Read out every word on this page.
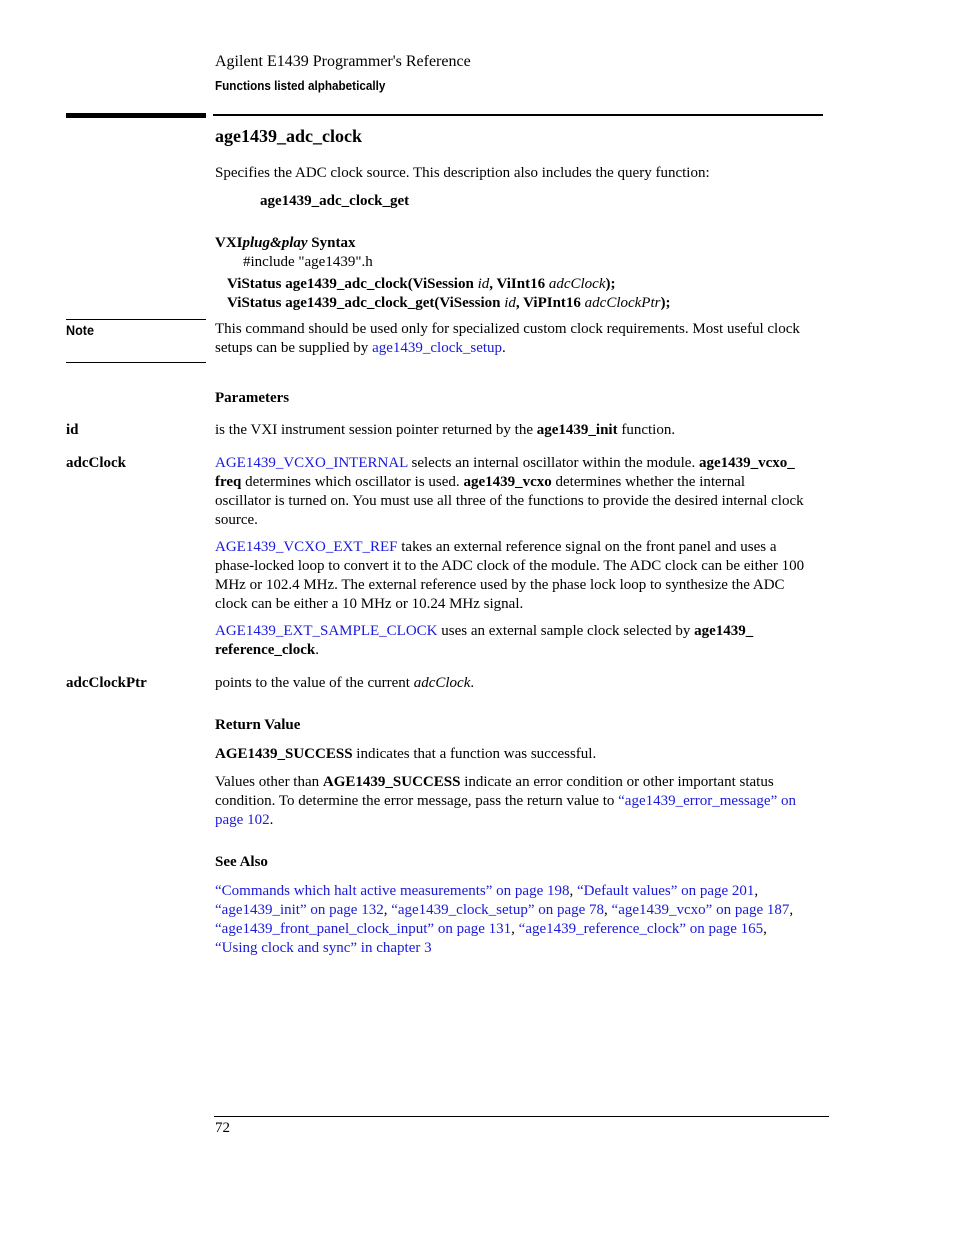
Agilent E1439 Programmer's Reference
Functions listed alphabetically
age1439_adc_clock
Specifies the ADC clock source. This description also includes the query function:
age1439_adc_clock_get
VXIplug&play Syntax
#include "age1439".h
ViStatus age1439_adc_clock(ViSession id, ViInt16 adcClock);
ViStatus age1439_adc_clock_get(ViSession id, ViPInt16 adcClockPtr);
Note	This command should be used only for specialized custom clock requirements. Most useful clock setups can be supplied by age1439_clock_setup.
Parameters
id	is the VXI instrument session pointer returned by the age1439_init function.
adcClock	AGE1439_VCXO_INTERNAL selects an internal oscillator within the module. age1439_vcxo_
freq determines which oscillator is used. age1439_vcxo determines whether the internal
oscillator is turned on. You must use all three of the functions to provide the desired internal clock
source.
AGE1439_VCXO_EXT_REF takes an external reference signal on the front panel and uses a
phase-locked loop to convert it to the ADC clock of the module. The ADC clock can be either 100
MHz or 102.4 MHz. The external reference used by the phase lock loop to synthesize the ADC
clock can be either a 10 MHz or 10.24 MHz signal.
AGE1439_EXT_SAMPLE_CLOCK uses an external sample clock selected by age1439_
reference_clock.
adcClockPtr	points to the value of the current adcClock.
Return Value
AGE1439_SUCCESS indicates that a function was successful.
Values other than AGE1439_SUCCESS indicate an error condition or other important status
condition. To determine the error message, pass the return value to “age1439_error_message” on
page 102.
See Also
“Commands which halt active measurements” on page 198, “Default values” on page 201,
“age1439_init” on page 132, “age1439_clock_setup” on page 78, “age1439_vcxo” on page 187,
“age1439_front_panel_clock_input” on page 131, “age1439_reference_clock” on page 165,
“Using clock and sync” in chapter 3
72
